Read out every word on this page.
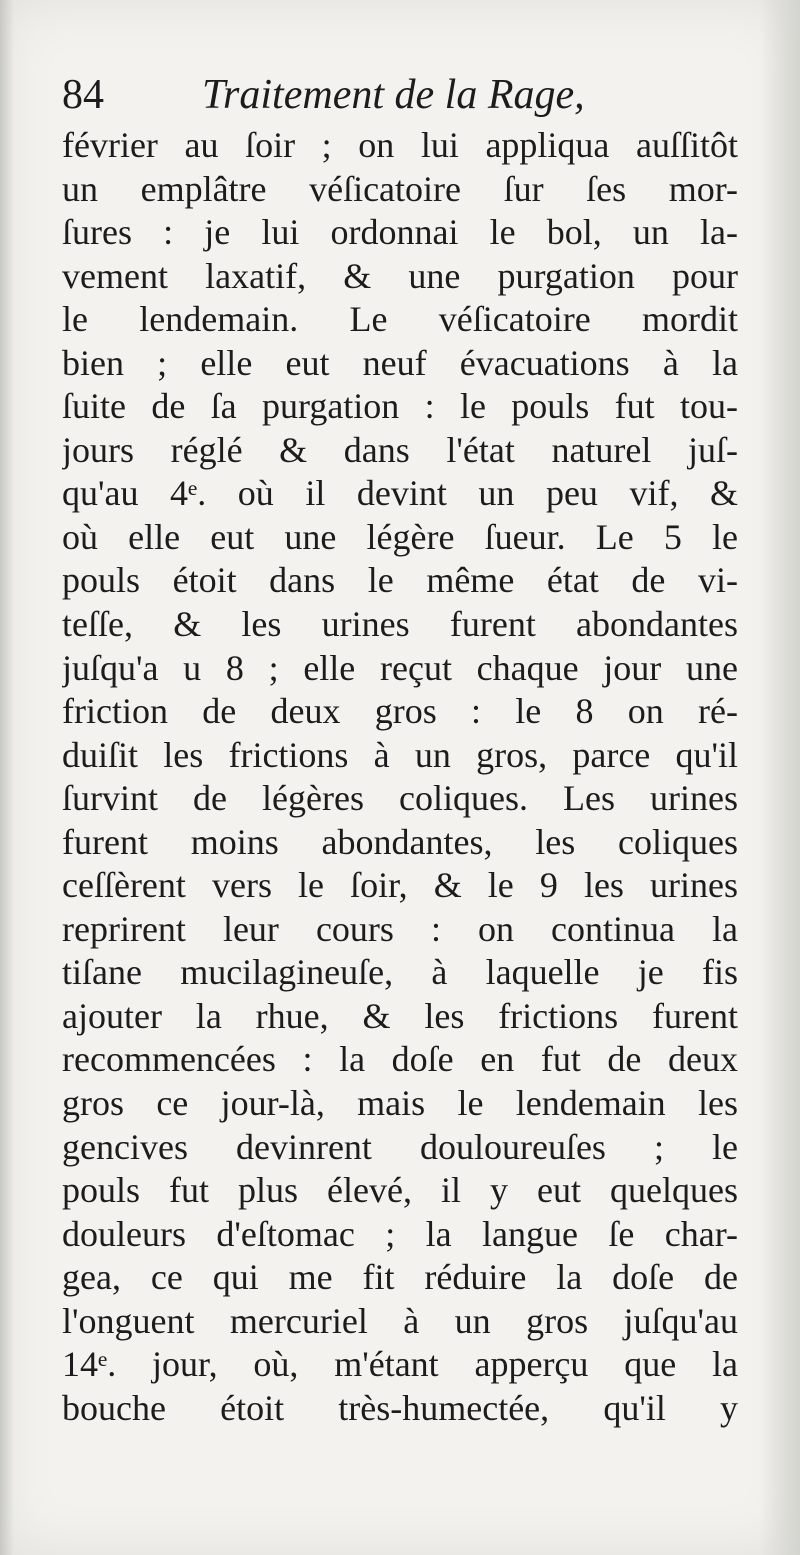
84 Traitement de la Rage,
février au ſoir ; on lui appliqua auſſitôt
un emplâtre véſicatoire ſur ſes mor-
ſures : je lui ordonnai le bol, un la-
vement laxatif, & une purgation pour
le lendemain. Le véſicatoire mordit
bien ; elle eut neuf évacuations à la
ſuite de ſa purgation : le pouls fut tou-
jours réglé & dans l'état naturel juſ-
qu'au 4ᵉ. où il devint un peu vif, &
où elle eut une légère ſueur. Le 5 le
pouls étoit dans le même état de vi-
teſſe, & les urines furent abondantes
juſqu'a u 8 ; elle reçut chaque jour une
friction de deux gros : le 8 on ré-
duiſit les frictions à un gros, parce qu'il
ſurvint de légères coliques. Les urines
furent moins abondantes, les coliques
ceſſèrent vers le ſoir, & le 9 les urines
reprirent leur cours : on continua la
tiſane mucilagineuſe, à laquelle je fis
ajouter la rhue, & les frictions furent
recommencées : la doſe en fut de deux
gros ce jour-là, mais le lendemain les
gencives devinrent douloureuſes ; le
pouls fut plus élevé, il y eut quelques
douleurs d'eſtomac ; la langue ſe char-
gea, ce qui me fit réduire la doſe de
l'onguent mercuriel à un gros juſqu'au
14ᵉ. jour, où, m'étant apperçu que la
bouche étoit très-humectée, qu'il y
